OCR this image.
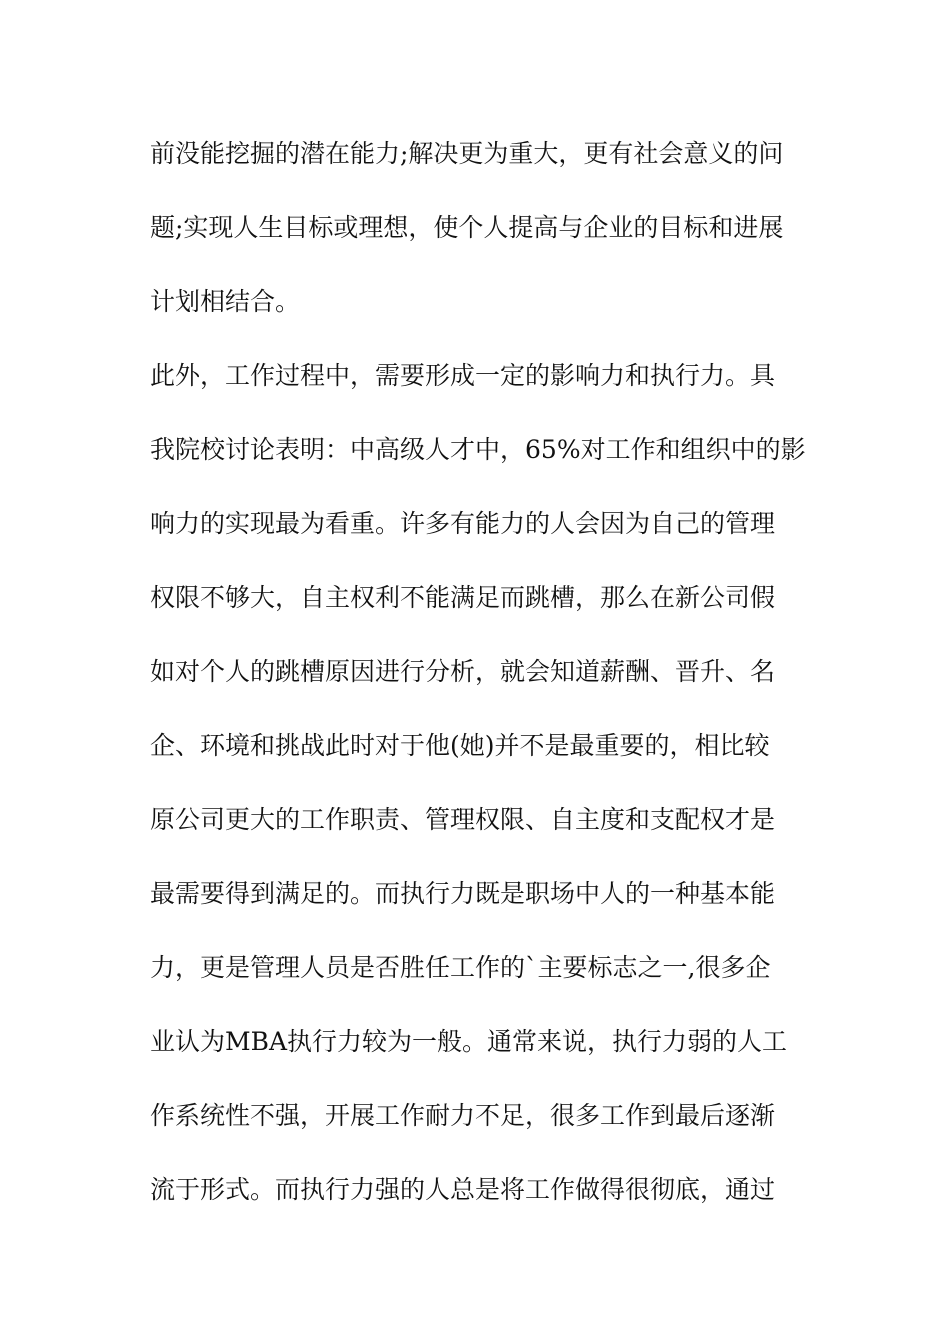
前没能挖掘的潜在能力;解决更为重大，更有社会意义的问
题;实现人生目标或理想，使个人提高与企业的目标和进展
计划相结合。
此外，工作过程中，需要形成一定的影响力和执行力。具
我院校讨论表明：中高级人才中，65%对工作和组织中的影
响力的实现最为看重。许多有能力的人会因为自己的管理
权限不够大，自主权利不能满足而跳槽，那么在新公司假
如对个人的跳槽原因进行分析，就会知道薪酬、晋升、名
企、环境和挑战此时对于他(她)并不是最重要的，相比较
原公司更大的工作职责、管理权限、自主度和支配权才是
最需要得到满足的。而执行力既是职场中人的一种基本能
力，更是管理人员是否胜任工作的`主要标志之一,很多企
业认为MBA执行力较为一般。通常来说，执行力弱的人工
作系统性不强，开展工作耐力不足，很多工作到最后逐渐
流于形式。而执行力强的人总是将工作做得很彻底，通过
